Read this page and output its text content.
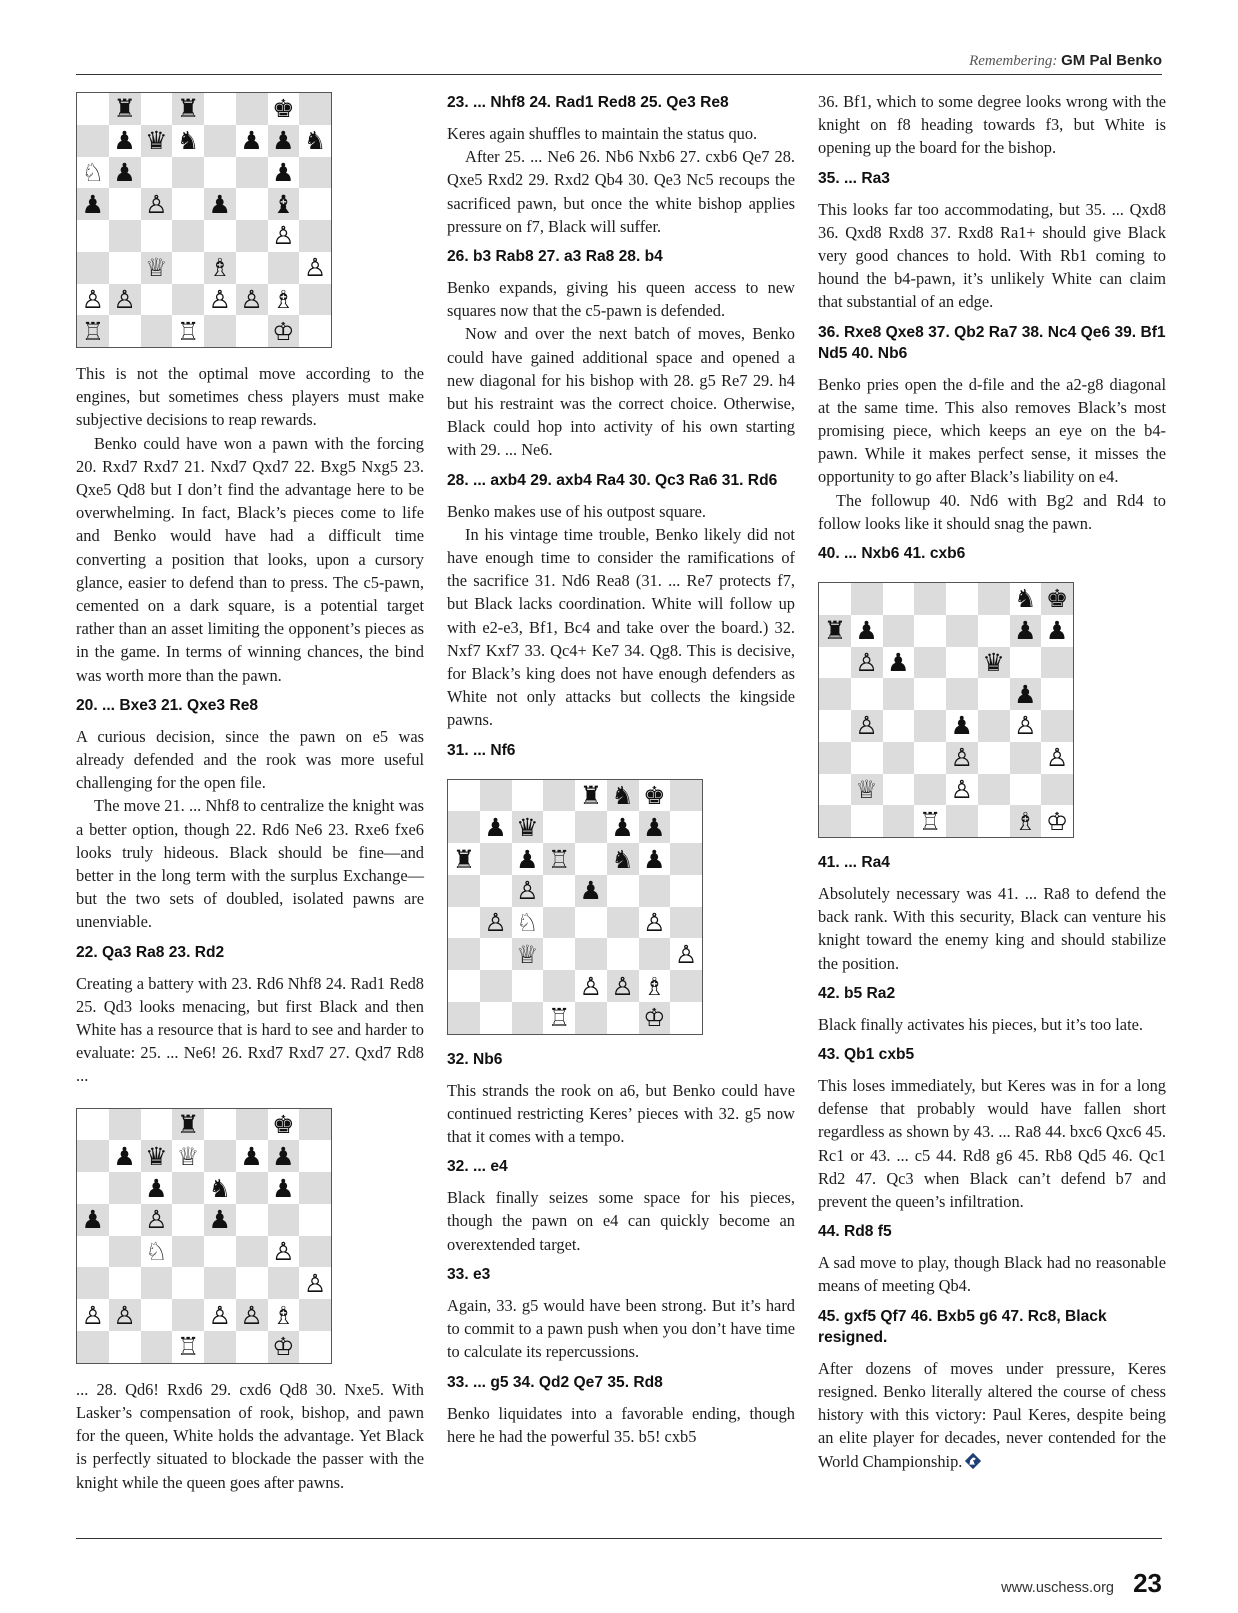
Remembering: GM Pal Benko
♜ ♜	♚
♟ ♛ ♞ ♟ ♟ ♞
♘ ♟	♟
♟ ♙ ♟ ♝
♙
♕ ♗	♙
♙ ♙	♙ ♙ ♗
♖	♖	♔

This is not the optimal move according to the engines, but sometimes chess players must make subjective decisions to reap rewards.

Benko could have won a pawn with the forcing 20. Rxd7 Rxd7 21. Nxd7 Qxd7 22. Bxg5 Nxg5 23. Qxe5 Qd8 but I don’t find the advantage here to be overwhelming. In fact, Black’s pieces come to life and Benko would have had a difficult time converting a position that looks, upon a cursory glance, easier to defend than to press. The c5-pawn, cemented on a dark square, is a potential target rather than an asset limiting the opponent’s pieces as in the game. In terms of winning chances, the bind was worth more than the pawn.

20. ... Bxe3 21. Qxe3 Re8

A curious decision, since the pawn on e5 was already defended and the rook was more useful challenging for the open file.

The move 21. ... Nhf8 to centralize the knight was a better option, though 22. Rd6 Ne6 23. Rxe6 fxe6 looks truly hideous. Black should be fine—and better in the long term with the surplus Exchange—but the two sets of doubled, isolated pawns are unenviable.

22. Qa3 Ra8 23. Rd2

Creating a battery with 23. Rd6 Nhf8 24. Rad1 Red8 25. Qd3 looks menacing, but first Black and then White has a resource that is hard to see and harder to evaluate: 25. ... Ne6! 26. Rxd7 Rxd7 27. Qxd7 Rd8 ...

♜	♚
♟ ♛ ♕ ♟ ♟
♟ ♞ ♟
♟ ♙ ♟
♘	♙
♙
♙ ♙	♙ ♙ ♗
♖	♔

... 28. Qd6! Rxd6 29. cxd6 Qd8 30. Nxe5. With Lasker’s compensation of rook, bishop, and pawn for the queen, White holds the advantage. Yet Black is perfectly situated to blockade the passer with the knight while the queen goes after pawns.

23. ... Nhf8 24. Rad1 Red8 25. Qe3 Re8

Keres again shuffles to maintain the status quo.

After 25. ... Ne6 26. Nb6 Nxb6 27. cxb6 Qe7 28. Qxe5 Rxd2 29. Rxd2 Qb4 30. Qe3 Nc5 recoups the sacrificed pawn, but once the white bishop applies pressure on f7, Black will suffer.

26. b3 Rab8 27. a3 Ra8 28. b4

Benko expands, giving his queen access to new squares now that the c5-pawn is defended.

Now and over the next batch of moves, Benko could have gained additional space and opened a new diagonal for his bishop with 28. g5 Re7 29. h4 but his restraint was the correct choice. Otherwise, Black could hop into activity of his own starting with 29. ... Ne6.

28. ... axb4 29. axb4 Ra4 30. Qc3 Ra6 31. Rd6

Benko makes use of his outpost square.

In his vintage time trouble, Benko likely did not have enough time to consider the ramifications of the sacrifice 31. Nd6 Rea8 (31. ... Re7 protects f7, but Black lacks coordination. White will follow up with e2-e3, Bf1, Bc4 and take over the board.) 32. Nxf7 Kxf7 33. Qc4+ Ke7 34. Qg8. This is decisive, for Black’s king does not have enough defenders as White not only attacks but collects the kingside pawns.

31. ... Nf6
♜ ♞ ♚
♟ ♛	♟ ♟
♜ ♟ ♖ ♞ ♟
♙ ♟
♙ ♘	♙
♕	♙
♙ ♙ ♗
♖	♔
32. Nb6

This strands the rook on a6, but Benko could have continued restricting Keres’ pieces with 32. g5 now that it comes with a tempo.

32. ... e4

Black finally seizes some space for his pieces, though the pawn on e4 can quickly become an overextended target.

33. e3

Again, 33. g5 would have been strong. But it’s hard to commit to a pawn push when you don’t have time to calculate its repercussions.

33. ... g5 34. Qd2 Qe7 35. Rd8

Benko liquidates into a favorable ending, though here he had the powerful 35. b5! cxb5

36. Bf1, which to some degree looks wrong with the knight on f8 heading towards f3, but White is opening up the board for the bishop.

35. ... Ra3

This looks far too accommodating, but 35. ... Qxd8 36. Qxd8 Rxd8 37. Rxd8 Ra1+ should give Black very good chances to hold. With Rb1 coming to hound the b4-pawn, it’s unlikely White can claim that substantial of an edge.

36. Rxe8 Qxe8 37. Qb2 Ra7 38. Nc4 Qe6 39. Bf1 Nd5 40. Nb6

Benko pries open the d-file and the a2-g8 diagonal at the same time. This also removes Black’s most promising piece, which keeps an eye on the b4-pawn. While it makes perfect sense, it misses the opportunity to go after Black’s liability on e4.

The followup 40. Nd6 with Bg2 and Rd4 to follow looks like it should snag the pawn.

40. ... Nxb6 41. cxb6
♞ ♚
♜ ♟	♟ ♟
♙ ♟	♛
♟
♙	♟ ♙
♙	♙
♕	♙
♖	♗ ♔
41. ... Ra4

Absolutely necessary was 41. ... Ra8 to defend the back rank. With this security, Black can venture his knight toward the enemy king and should stabilize the position.

42. b5 Ra2

Black finally activates his pieces, but it’s too late.

43. Qb1 cxb5

This loses immediately, but Keres was in for a long defense that probably would have fallen short regardless as shown by 43. ... Ra8 44. bxc6 Qxc6 45. Rc1 or 43. ... c5 44. Rd8 g6 45. Rb8 Qd5 46. Qc1 Rd2 47. Qc3 when Black can’t defend b7 and prevent the queen’s infiltration.

44. Rd8 f5

A sad move to play, though Black had no reasonable means of meeting Qb4.

45. gxf5 Qf7 46. Bxb5 g6 47. Rc8, Black resigned.

After dozens of moves under pressure, Keres resigned. Benko literally altered the course of chess history with this victory: Paul Keres, despite being an elite player for decades, never contended for the World Championship.

www.uschess.org 23
